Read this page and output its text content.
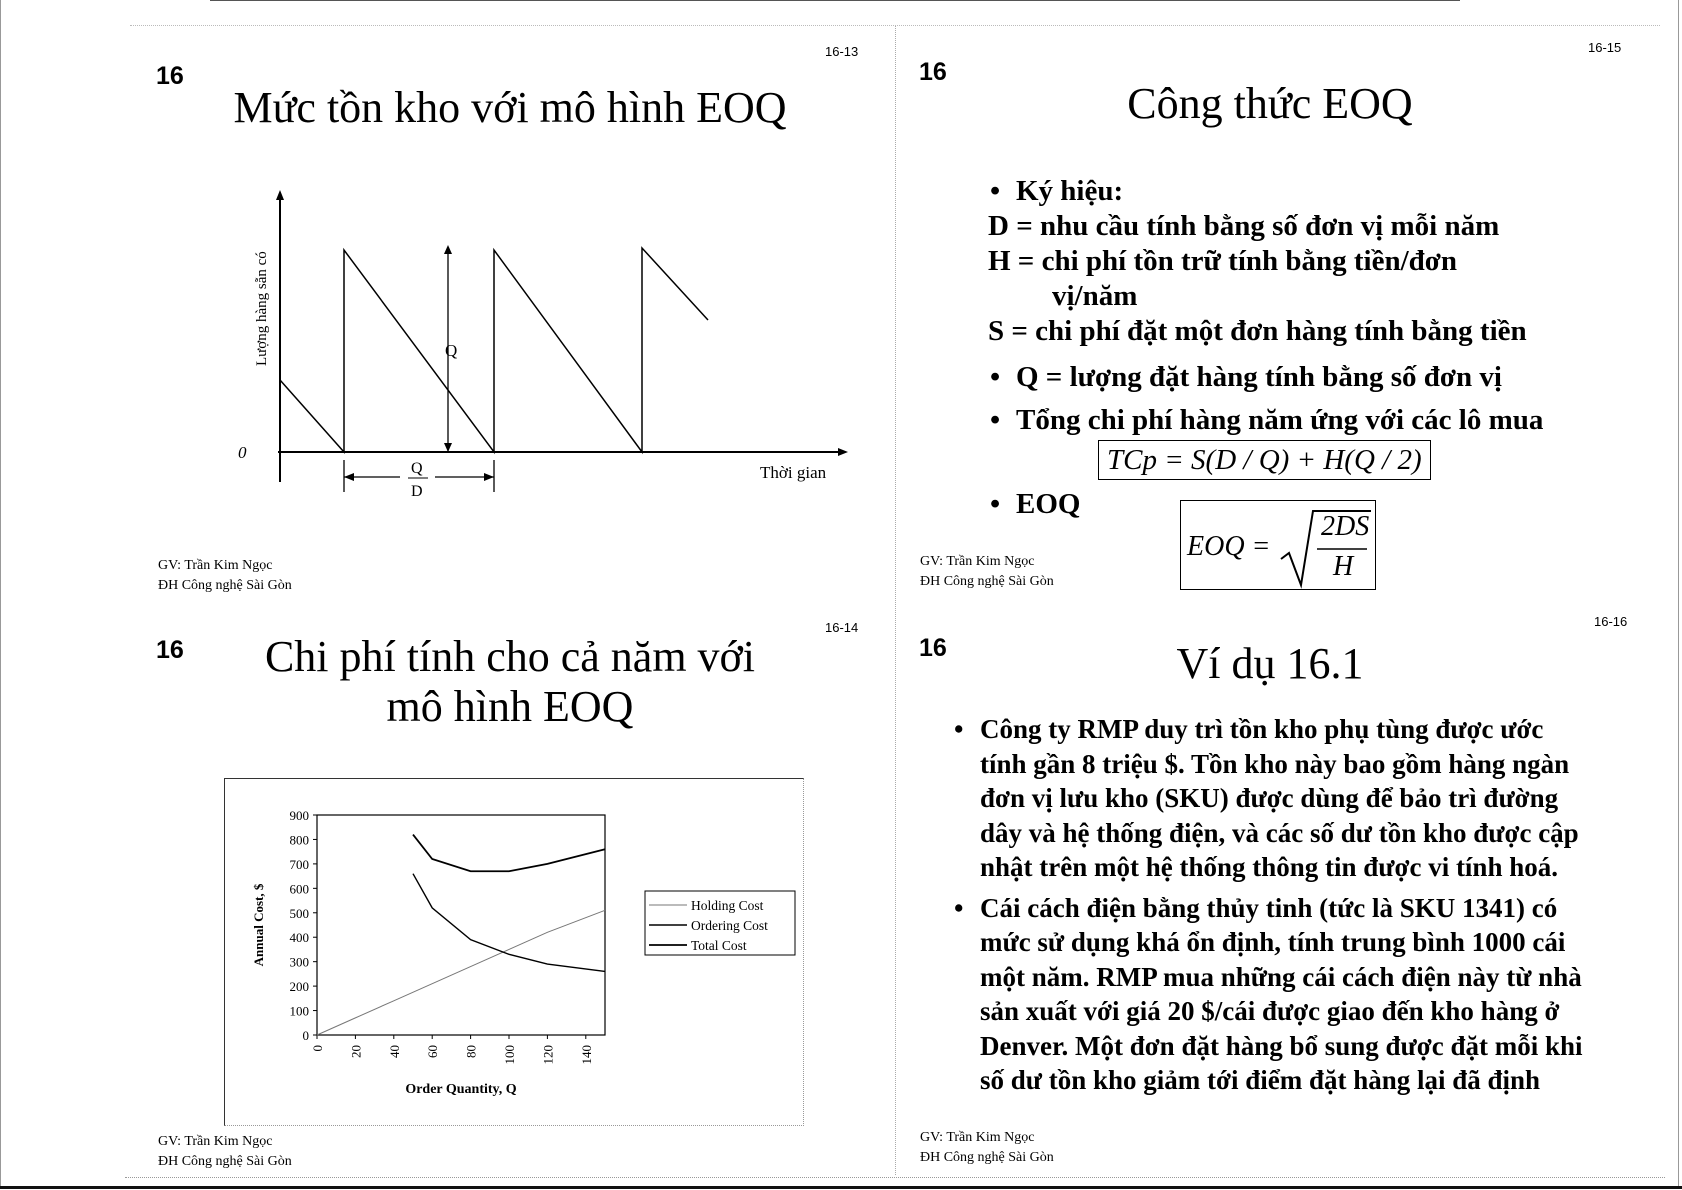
16
16-13
Mức tồn kho với mô hình EOQ
Q
Q
D
0
Thời gian
Lượng hàng sẵn có
GV: Trần Kim Ngọc
ĐH Công nghệ Sài Gòn
16
16-14
Chi phí tính cho cả năm với
mô hình EOQ
0
100
200
300
400
500
600
700
800
900
0 20 40 60 80 100 120 140
Annual Cost, $
Order Quantity, Q
Holding Cost
Ordering Cost
Total Cost
GV: Trần Kim Ngọc
ĐH Công nghệ Sài Gòn
16
16-15
Công thức EOQ
• Ký hiệu:
D = nhu cầu tính bằng số đơn vị mỗi năm
H = chi phí tồn trữ tính bằng tiền/đơn
vị/năm
S = chi phí đặt một đơn hàng tính bằng tiền
• Q = lượng đặt hàng tính bằng số đơn vị
• Tổng chi phí hàng năm ứng với các lô mua
TCp = S(D / Q) + H(Q / 2)
• EOQ
EOQ =
2DS
H
GV: Trần Kim Ngọc
ĐH Công nghệ Sài Gòn
16
16-16
Ví dụ 16.1
• Công ty RMP duy trì tồn kho phụ tùng được ước
tính gần 8 triệu $. Tồn kho này bao gồm hàng ngàn
đơn vị lưu kho (SKU) được dùng để bảo trì đường
dây và hệ thống điện, và các số dư tồn kho được cập
nhật trên một hệ thống thông tin được vi tính hoá.
• Cái cách điện bằng thủy tinh (tức là SKU 1341) có
mức sử dụng khá ổn định, tính trung bình 1000 cái
một năm. RMP mua những cái cách điện này từ nhà
sản xuất với giá 20 $/cái được giao đến kho hàng ở
Denver. Một đơn đặt hàng bổ sung được đặt mỗi khi
số dư tồn kho giảm tới điểm đặt hàng lại đã định
GV: Trần Kim Ngọc
ĐH Công nghệ Sài Gòn
